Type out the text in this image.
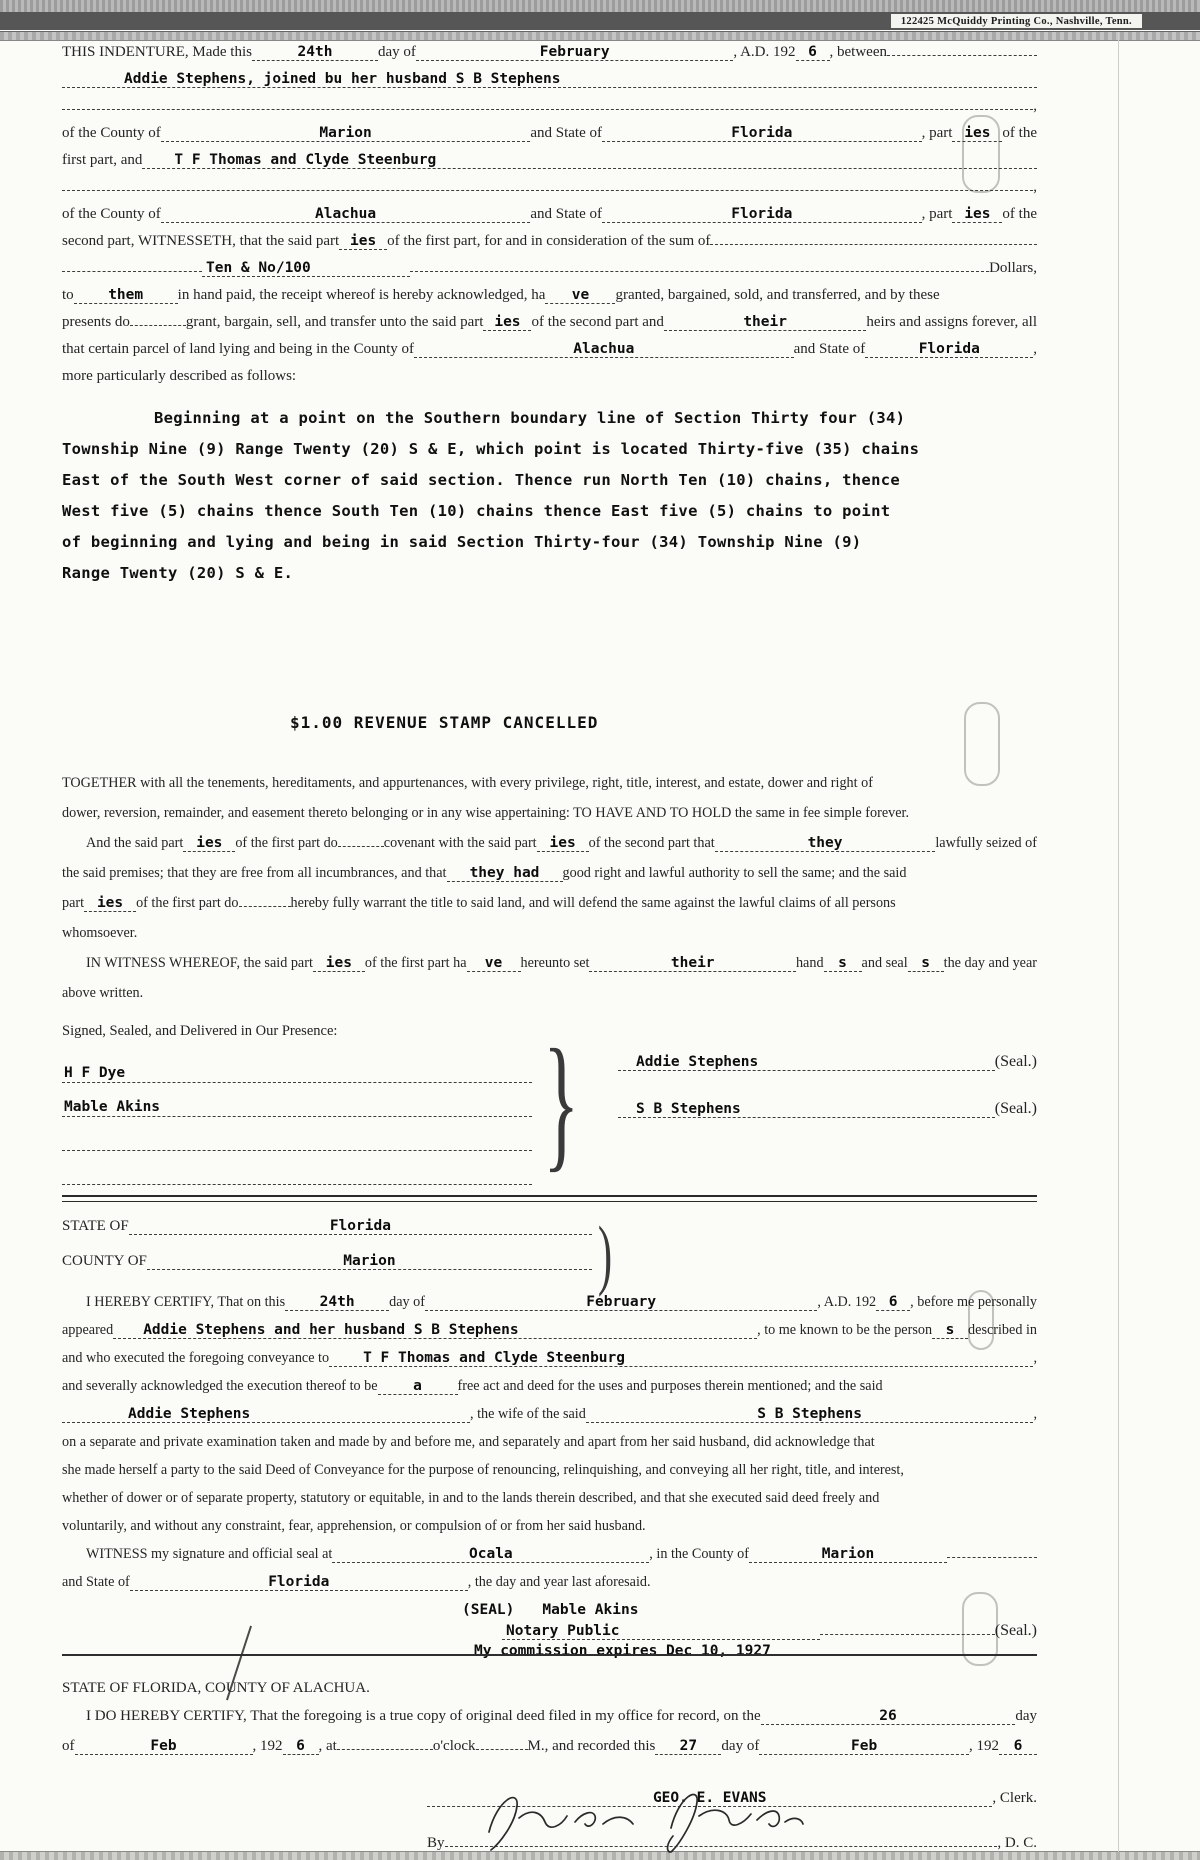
122425 McQuiddy Printing Co., Nashville, Tenn.
THIS INDENTURE, Made this	24th	day of	February	, A.D. 192 6 , between
Addie Stephens, joined bu her husband S B Stephens
,
of the County of	Marion	and State of	Florida	, part ies of the
first part, and	T F Thomas and Clyde Steenburg
,
of the County of	Alachua	and State of	Florida	, part ies of the
second part, WITNESSETH, that the said part ies of the first part, for and in consideration of the sum of
Ten & No/100	Dollars,
to	them	in hand paid, the receipt whereof is hereby acknowledged, ha	ve	granted, bargained, sold, and transferred, and by these
presents do	grant, bargain, sell, and transfer unto the said part ies of the second part and	their	heirs and assigns forever, all
that certain parcel of land lying and being in the County of	Alachua	and State of	Florida	,
more particularly described as follows:
Beginning at a point on the Southern boundary line of Section Thirty four (34)
Township Nine (9) Range Twenty (20) S & E, which point is located Thirty-five (35) chains
East of the South West corner of said section. Thence run North Ten (10) chains, thence
West five (5) chains thence South Ten (10) chains thence East five (5) chains to point
of beginning and lying and being in said Section Thirty-four (34) Township Nine (9)
Range Twenty (20) S & E.
$1.00 REVENUE STAMP CANCELLED
TOGETHER with all the tenements, hereditaments, and appurtenances, with every privilege, right, title, interest, and estate, dower and right of
dower, reversion, remainder, and easement thereto belonging or in any wise appertaining: TO HAVE AND TO HOLD the same in fee simple forever.
And the said part ies of the first part do	covenant with the said part ies of the second part that	they	lawfully seized of
the said premises; that they are free from all incumbrances, and that	they had	good right and lawful authority to sell the same; and the said
part ies of the first part do	hereby fully warrant the title to said land, and will defend the same against the lawful claims of all persons
whomsoever.
IN WITNESS WHEREOF, the said part ies of the first part ha	ve	hereunto set	their	hand	s	and seal s the day and year
above written.
Signed, Sealed, and Delivered in Our Presence:
H F Dye
Mable Akins	}	Addie Stephens	(Seal.)
S B Stephens	(Seal.)
STATE OF	Florida
COUNTY OF	Marion	)
I HEREBY CERTIFY, That on this	24th	day of	February	, A.D. 192 6 , before me personally
appeared	Addie Stephens and her husband S B Stephens	, to me known to be the person s described in
and who executed the foregoing conveyance to	T F Thomas and Clyde Steenburg	,
and severally acknowledged the execution thereof to be	a	free act and deed for the uses and purposes therein mentioned; and the said
Addie Stephens	, the wife of the said	S B Stephens	,
on a separate and private examination taken and made by and before me, and separately and apart from her said husband, did acknowledge that
she made herself a party to the said Deed of Conveyance for the purpose of renouncing, relinquishing, and conveying all her right, title, and interest,
whether of dower or of separate property, statutory or equitable, in and to the lands therein described, and that she executed said deed freely and
voluntarily, and without any constraint, fear, apprehension, or compulsion of or from her said husband.
WITNESS my signature and official seal at	Ocala	, in the County of	Marion
and State of	Florida	, the day and year last aforesaid.
(SEAL) Mable Akins
Notary Public	(Seal.)
My commission expires Dec 10, 1927
STATE OF FLORIDA, COUNTY OF ALACHUA.
I DO HEREBY CERTIFY, That the foregoing is a true copy of original deed filed in my office for record, on the	26	day
of	Feb	, 192 6 , at	o'clock	M., and recorded this	27	day of	Feb	, 192	6
GEO. E. EVANS	, Clerk.
By	, D. C.
